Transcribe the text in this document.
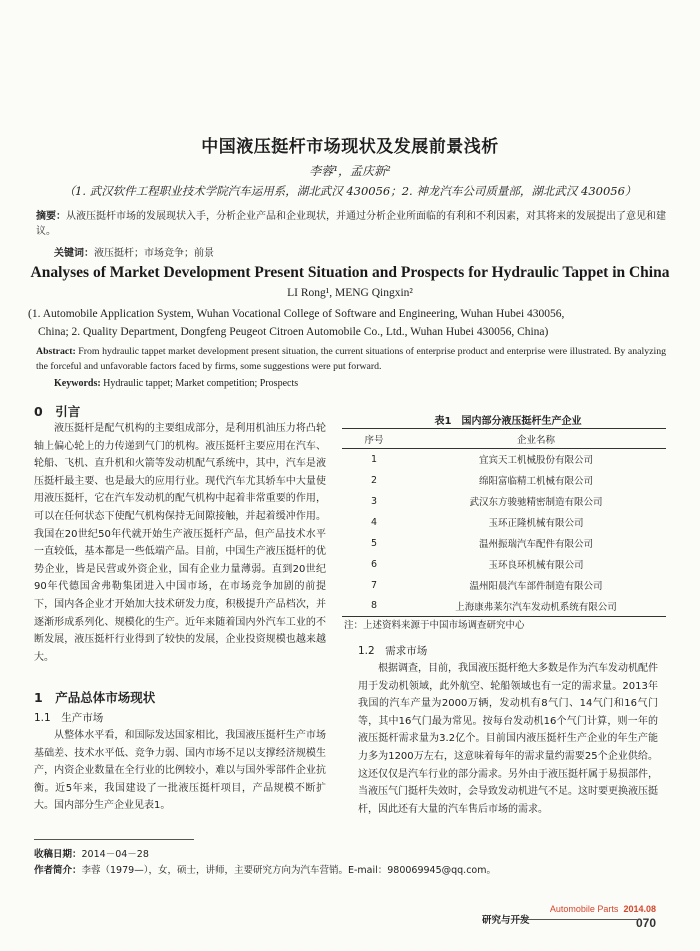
中国液压挺杆市场现状及发展前景浅析
李蓉¹，孟庆新²
（1. 武汉软件工程职业技术学院汽车运用系，湖北武汉 430056；2. 神龙汽车公司质量部，湖北武汉 430056）
摘要：从液压挺杆市场的发展现状入手，分析企业产品和企业现状，并通过分析企业所面临的有利和不利因素，对其将来的发展提出了意见和建议。
关键词：液压挺杆；市场竞争；前景
Analyses of Market Development Present Situation and Prospects for Hydraulic Tappet in China
LI Rong¹, MENG Qingxin²
(1. Automobile Application System, Wuhan Vocational College of Software and Engineering, Wuhan Hubei 430056,
China; 2. Quality Department, Dongfeng Peugeot Citroen Automobile Co., Ltd., Wuhan Hubei 430056, China)
Abstract: From hydraulic tappet market development present situation, the current situations of enterprise product and enterprise were illustrated. By analyzing the forceful and unfavorable factors faced by firms, some suggestions were put forward.
Keywords: Hydraulic tappet; Market competition; Prospects
0　引言
液压挺杆是配气机构的主要组成部分，是利用机油压力将凸轮轴上偏心轮上的力传递到气门的机构。液压挺杆主要应用在汽车、轮船、飞机、直升机和火箭等发动机配气系统中，其中，汽车是液压挺杆最主要、也是最大的应用行业。现代汽车尤其轿车中大量使用液压挺杆，它在汽车发动机的配气机构中起着非常重要的作用，可以在任何状态下使配气机构保持无间隙接触，并起着缓冲作用。我国在20世纪50年代就开始生产液压挺杆产品，但产品技术水平一直较低，基本都是一些低端产品。目前，中国生产液压挺杆的优势企业，皆是民营或外资企业，国有企业力量薄弱。直到20世纪90年代德国舍弗勒集团进入中国市场，在市场竞争加剧的前提下，国内各企业才开始加大技术研发力度，积极提升产品档次，并逐渐形成系列化、规模化的生产。近年来随着国内外汽车工业的不断发展，液压挺杆行业得到了较快的发展，企业投资规模也越来越大。
1　产品总体市场现状
1.1　生产市场
从整体水平看，和国际发达国家相比，我国液压挺杆生产市场基础差、技术水平低、竞争力弱、国内市场不足以支撑经济规模生产，内资企业数量在全行业的比例较小，难以与国外零部件企业抗衡。近5年来，我国建设了一批液压挺杆项目，产品规模不断扩大。国内部分生产企业见表1。
表1　国内部分液压挺杆生产企业
序号	企业名称
1	宜宾天工机械股份有限公司
2	绵阳富临精工机械有限公司
3	武汉东方骏驰精密制造有限公司
4	玉环正隆机械有限公司
5	温州振瑞汽车配件有限公司
6	玉环良环机械有限公司
7	温州阳晨汽车部件制造有限公司
8	上海康弗莱尔汽车发动机系统有限公司
注：上述资料来源于中国市场调查研究中心
1.2　需求市场
根据调查，目前，我国液压挺杆绝大多数是作为汽车发动机配件用于发动机领域，此外航空、轮船领域也有一定的需求量。2013年我国的汽车产量为2000万辆，发动机有8气门、14气门和16气门等，其中16气门最为常见。按每台发动机16个气门计算，则一年的液压挺杆需求量为3.2亿个。目前国内液压挺杆生产企业的年生产能力多为1200万左右，这意味着每年的需求量约需要25个企业供给。这还仅仅是汽车行业的部分需求。另外由于液压挺杆属于易损部件，当液压气门挺杆失效时，会导致发动机进气不足。这时要更换液压挺杆，因此还有大量的汽车售后市场的需求。
收稿日期：2014－04－28
作者简介：李蓉（1979—），女，硕士，讲师，主要研究方向为汽车营销。E-mail：980069945@qq.com。
研究与开发
Automobile Parts 2014.08
070
